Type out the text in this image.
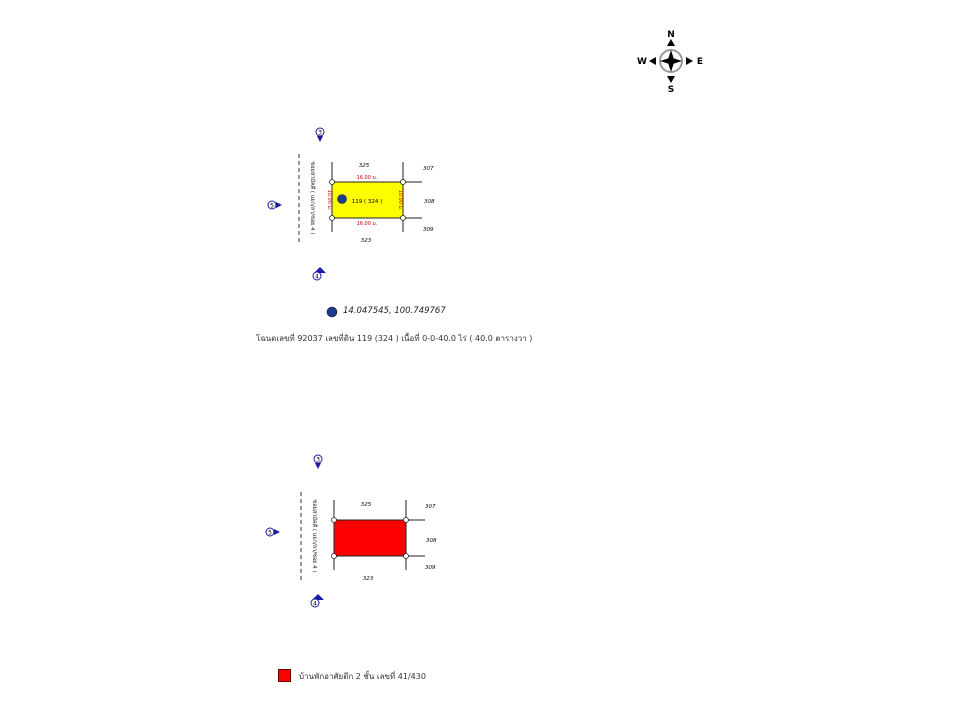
N
S
W	E
3
5
4
ซอยสามัคคี ( แยก/ลา/ซอย 4 )	119 ( 324 )
16.00 ม.
16.00 ม.
10.00 ม.	10.00 ม.
325
323
307
308
309
14.047545, 100.749767
โฉนดเลขที่ 92037 เลขที่ดิน 119 (324 ) เนื้อที่ 0-0-40.0 ไร่ ( 40.0 ตารางวา )
3
5
4
ซอยสามัคคี ( แยก/ลา/ซอย 4 )	325
323
307
308
309
บ้านพักอาศัยตึก 2 ชั้น เลขที่ 41/430
